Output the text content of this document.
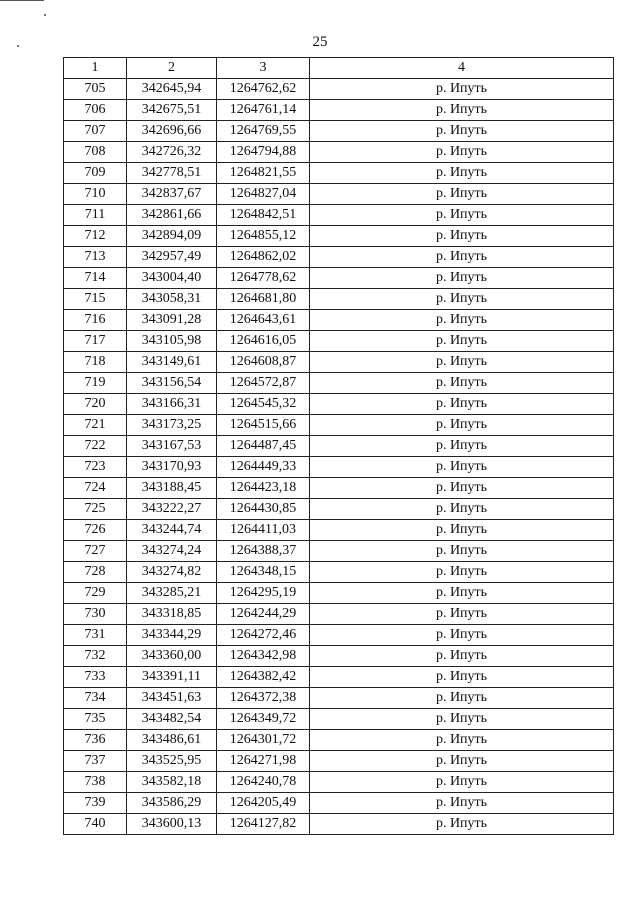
25
1	2	3	4
705	342645,94	1264762,62	р. Ипуть
706	342675,51	1264761,14	р. Ипуть
707	342696,66	1264769,55	р. Ипуть
708	342726,32	1264794,88	р. Ипуть
709	342778,51	1264821,55	р. Ипуть
710	342837,67	1264827,04	р. Ипуть
711	342861,66	1264842,51	р. Ипуть
712	342894,09	1264855,12	р. Ипуть
713	342957,49	1264862,02	р. Ипуть
714	343004,40	1264778,62	р. Ипуть
715	343058,31	1264681,80	р. Ипуть
716	343091,28	1264643,61	р. Ипуть
717	343105,98	1264616,05	р. Ипуть
718	343149,61	1264608,87	р. Ипуть
719	343156,54	1264572,87	р. Ипуть
720	343166,31	1264545,32	р. Ипуть
721	343173,25	1264515,66	р. Ипуть
722	343167,53	1264487,45	р. Ипуть
723	343170,93	1264449,33	р. Ипуть
724	343188,45	1264423,18	р. Ипуть
725	343222,27	1264430,85	р. Ипуть
726	343244,74	1264411,03	р. Ипуть
727	343274,24	1264388,37	р. Ипуть
728	343274,82	1264348,15	р. Ипуть
729	343285,21	1264295,19	р. Ипуть
730	343318,85	1264244,29	р. Ипуть
731	343344,29	1264272,46	р. Ипуть
732	343360,00	1264342,98	р. Ипуть
733	343391,11	1264382,42	р. Ипуть
734	343451,63	1264372,38	р. Ипуть
735	343482,54	1264349,72	р. Ипуть
736	343486,61	1264301,72	р. Ипуть
737	343525,95	1264271,98	р. Ипуть
738	343582,18	1264240,78	р. Ипуть
739	343586,29	1264205,49	р. Ипуть
740	343600,13	1264127,82	р. Ипуть
